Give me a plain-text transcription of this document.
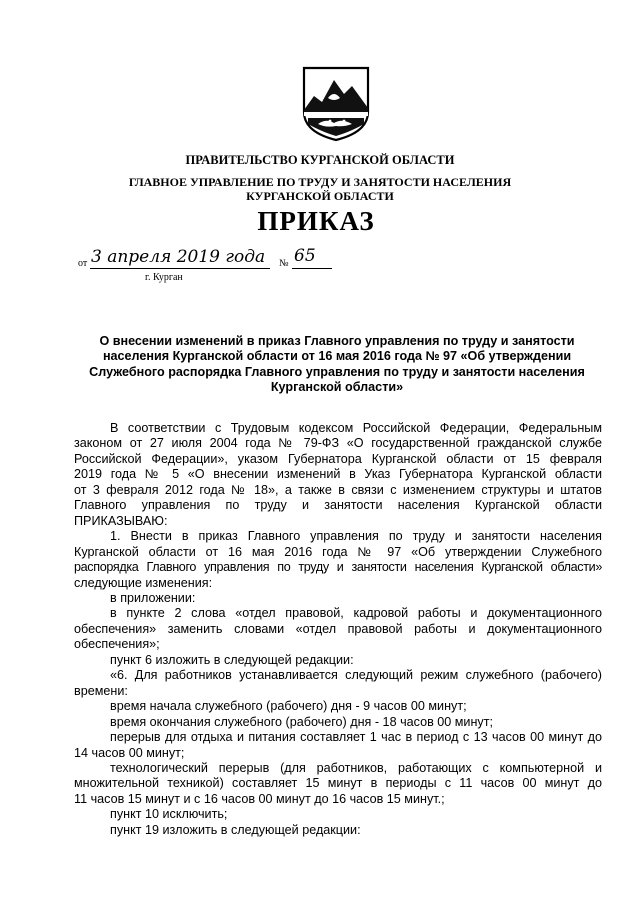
ПРАВИТЕЛЬСТВО КУРГАНСКОЙ ОБЛАСТИ
ГЛАВНОЕ УПРАВЛЕНИЕ ПО ТРУДУ И ЗАНЯТОСТИ НАСЕЛЕНИЯ
КУРГАНСКОЙ ОБЛАСТИ
ПРИКАЗ
от 3 апреля 2019 года № 65
г. Курган
О внесении изменений в приказ Главного управления по труду и занятости населения Курганской области от 16 мая 2016 года № 97 «Об утверждении Служебного распорядка Главного управления по труду и занятости населения Курганской области»

В соответствии с Трудовым кодексом Российской Федерации, Федеральным

законом от 27 июля 2004 года № 79-ФЗ «О государственной гражданской службе

Российской Федерации», указом Губернатора Курганской области от 15 февраля

2019 года № 5 «О внесении изменений в Указ Губернатора Курганской области

от 3 февраля 2012 года № 18», а также в связи с изменением структуры и штатов

Главного управления по труду и занятости населения Курганской области

ПРИКАЗЫВАЮ:

1. Внести в приказ Главного управления по труду и занятости населения

Курганской области от 16 мая 2016 года № 97 «Об утверждении Служебного

распорядка Главного управления по труду и занятости населения Курганской области»

следующие изменения:

в приложении:

в пункте 2 слова «отдел правовой, кадровой работы и документационного

обеспечения» заменить словами «отдел правовой работы и документационного

обеспечения»;

пункт 6 изложить в следующей редакции:

«6. Для работников устанавливается следующий режим служебного (рабочего)

времени:

время начала служебного (рабочего) дня - 9 часов 00 минут;

время окончания служебного (рабочего) дня - 18 часов 00 минут;

перерыв для отдыха и питания составляет 1 час в период с 13 часов 00 минут до

14 часов 00 минут;

технологический перерыв (для работников, работающих с компьютерной и

множительной техникой) составляет 15 минут в периоды с 11 часов 00 минут до

11 часов 15 минут и с 16 часов 00 минут до 16 часов 15 минут.;

пункт 10 исключить;

пункт 19 изложить в следующей редакции:
